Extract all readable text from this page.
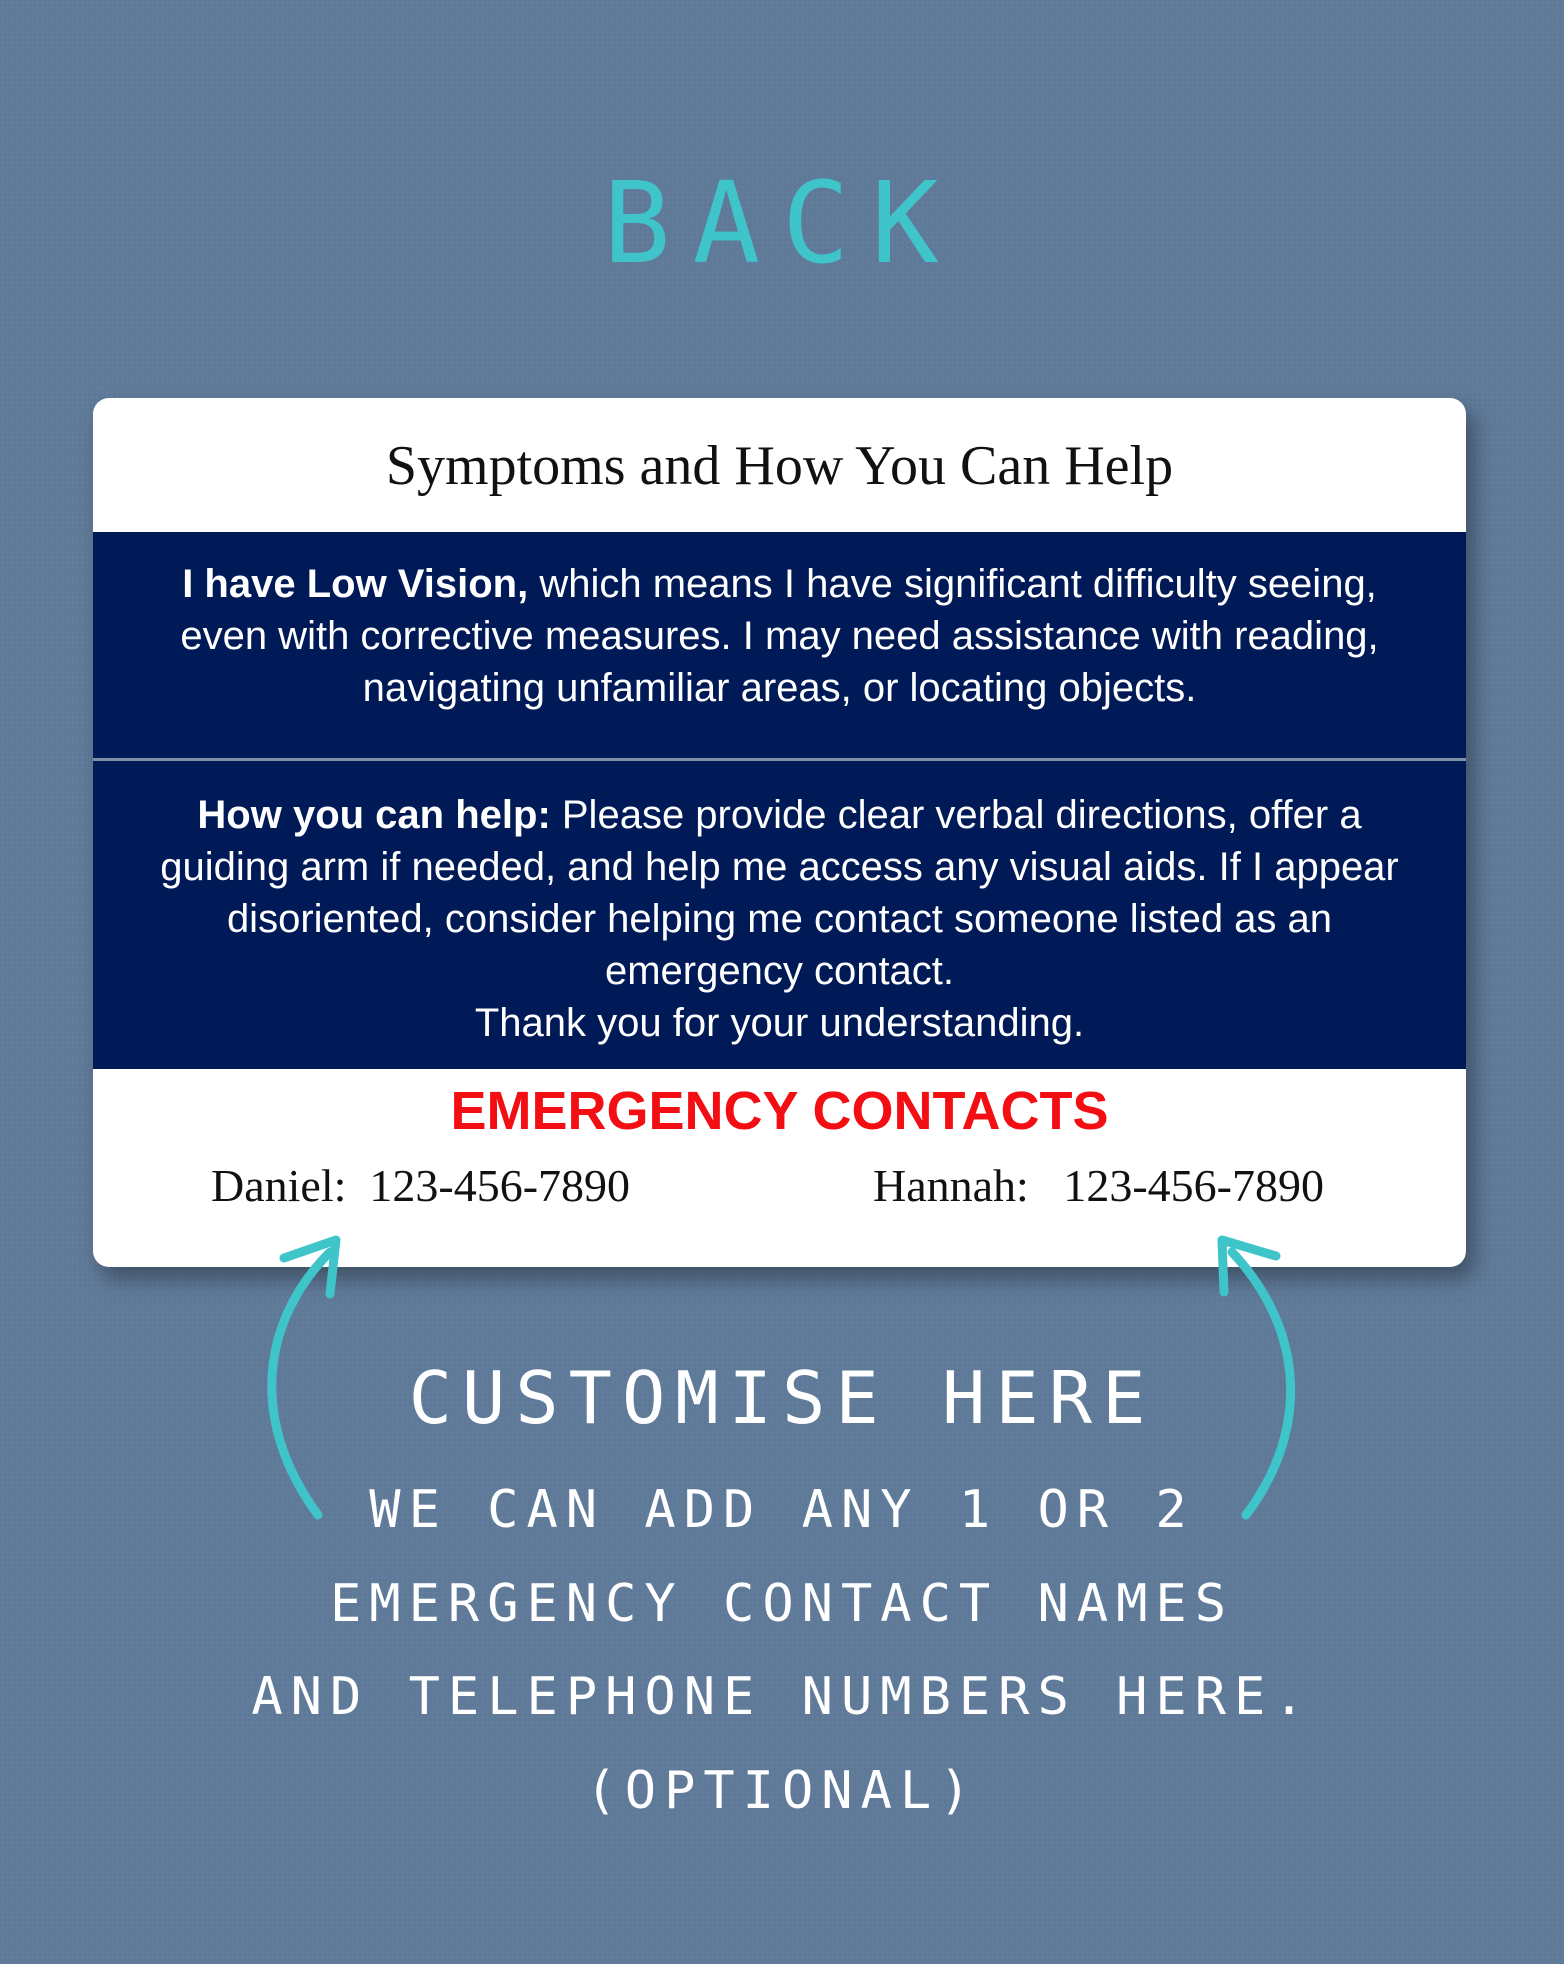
BACK
Symptoms and How You Can Help

I have Low Vision, which means I have significant difficulty seeing, even with corrective measures. I may need assistance with reading, navigating unfamiliar areas, or locating objects.

How you can help: Please provide clear verbal directions, offer a guiding arm if needed, and help me access any visual aids. If I appear disoriented, consider helping me contact someone listed as an emergency contact.

Thank you for your understanding.

EMERGENCY CONTACTS
Daniel: 123-456-7890	Hannah: 123-456-7890
CUSTOMISE HERE
WE CAN ADD ANY 1 OR 2
EMERGENCY CONTACT NAMES
AND TELEPHONE NUMBERS HERE.
(OPTIONAL)
